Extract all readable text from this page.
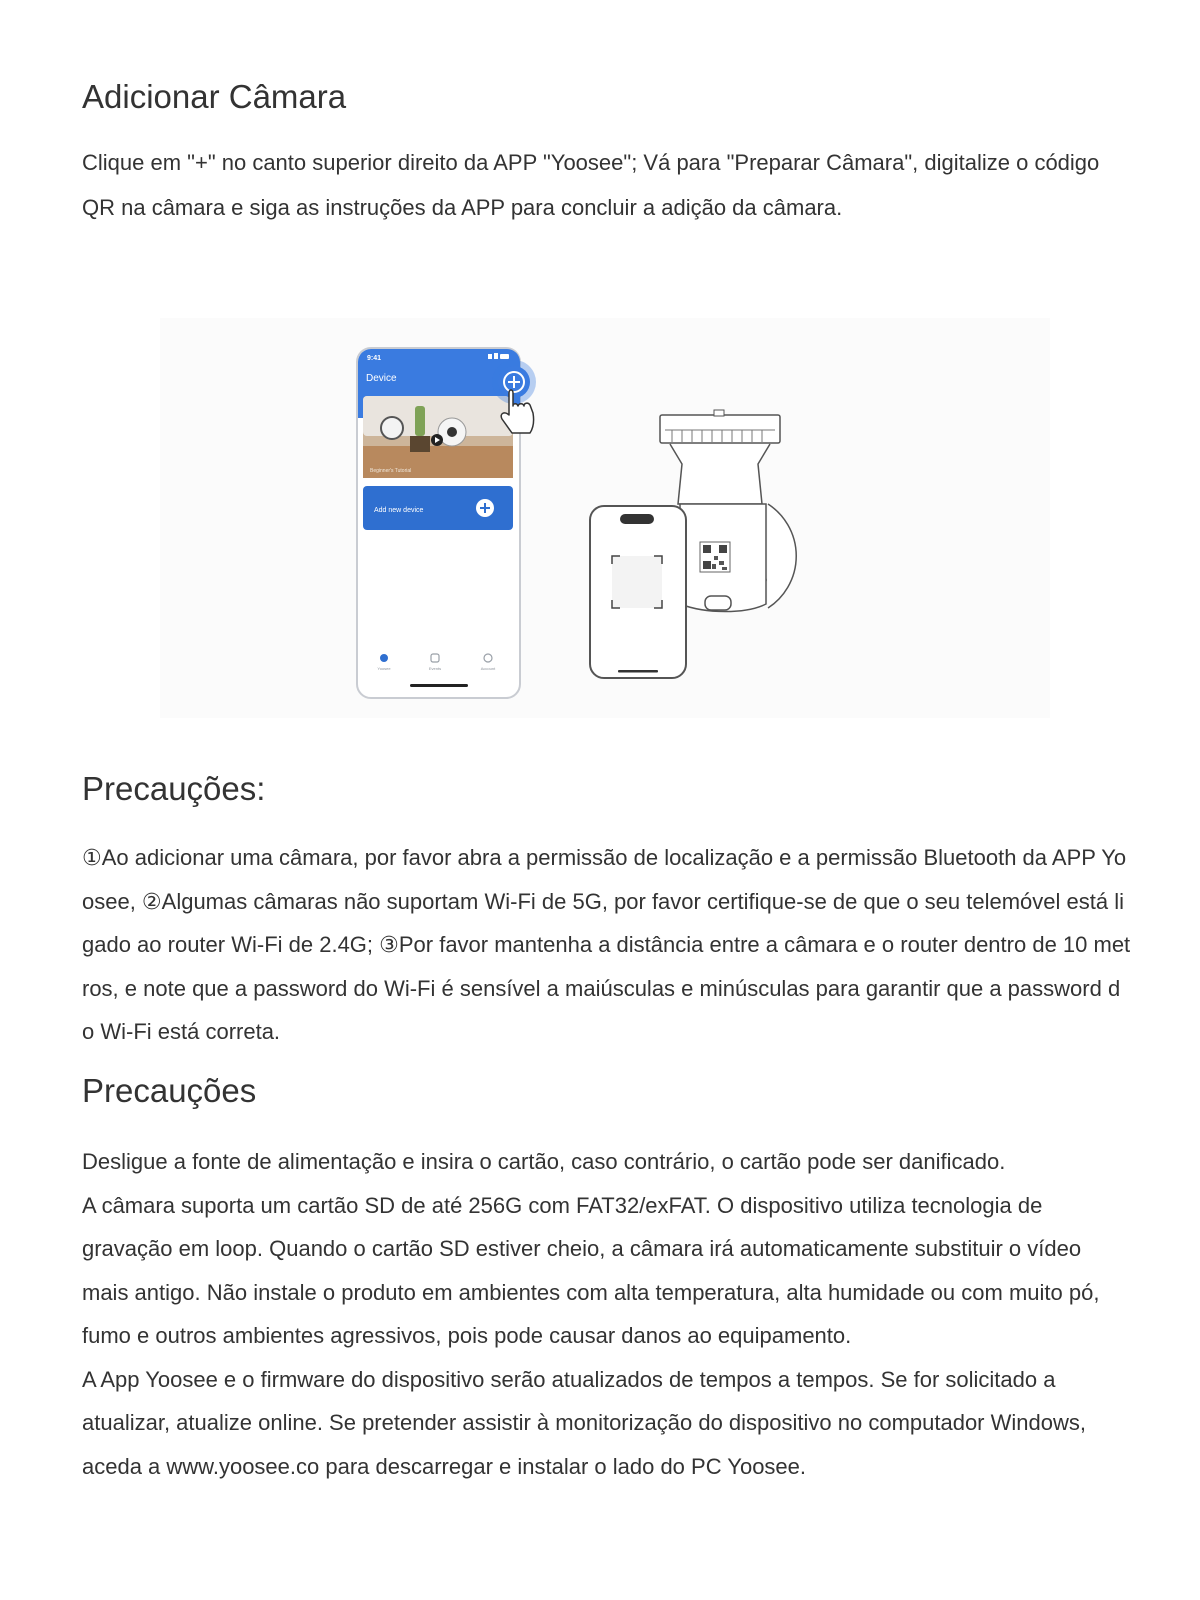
Adicionar Câmara

Clique em "+" no canto superior direito da APP "Yoosee"; Vá para "Preparar Câmara", digitalize o código QR na câmara e siga as instruções da APP para concluir a adição da câmara.

Precauções:

①Ao adicionar uma câmara, por favor abra a permissão de localização e a permissão Bluetooth da APP Yoosee, ②Algumas câmaras não suportam Wi-Fi de 5G, por favor certifique-se de que o seu telemóvel está ligado ao router Wi-Fi de 2.4G; ③Por favor mantenha a distância entre a câmara e o router dentro de 10 metros, e note que a password do Wi-Fi é sensível a maiúsculas e minúsculas para garantir que a password do Wi-Fi está correta.

Precauções

Desligue a fonte de alimentação e insira o cartão, caso contrário, o cartão pode ser danificado.
A câmara suporta um cartão SD de até 256G com FAT32/exFAT. O dispositivo utiliza tecnologia de gravação em loop. Quando o cartão SD estiver cheio, a câmara irá automaticamente substituir o vídeo mais antigo. Não instale o produto em ambientes com alta temperatura, alta humidade ou com muito pó, fumo e outros ambientes agressivos, pois pode causar danos ao equipamento.
A App Yoosee e o firmware do dispositivo serão atualizados de tempos a tempos. Se for solicitado a atualizar, atualize online. Se pretender assistir à monitorização do dispositivo no computador Windows, aceda a www.yoosee.co para descarregar e instalar o lado do PC Yoosee.

9:41
Device
Beginner's Tutorial
Add new device
Yoosee	Events	Account
